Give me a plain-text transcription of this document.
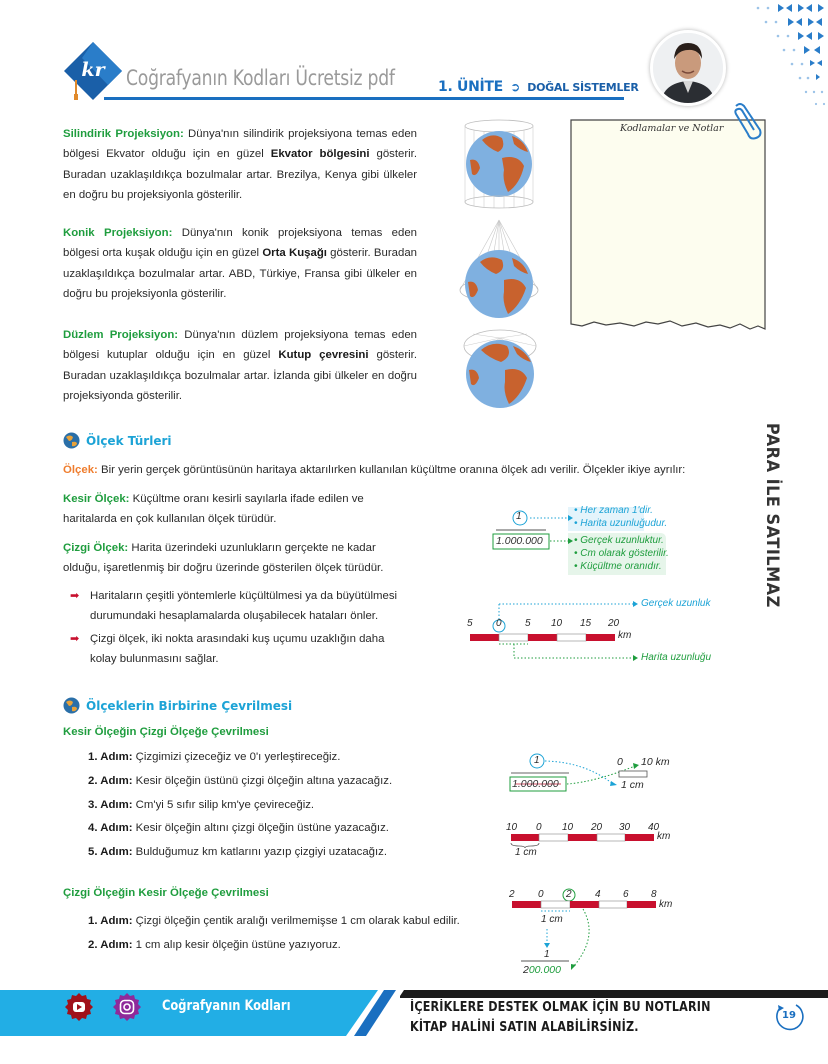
kr Coğrafyanın Kodları Ücretsiz pdf	1. ÜNİTE ➲ DOĞAL SİSTEMLER

Silindirik Projeksiyon: Dünya'nın silindirik projeksiyona temas eden bölgesi Ekvator olduğu için en güzel Ekvator bölgesini gösterir. Buradan uzaklaşıldıkça bozulmalar artar. Brezilya, Kenya gibi ülkeler en doğru bu projeksiyonla gösterilir.

Konik Projeksiyon: Dünya'nın konik projeksiyona temas eden bölgesi orta kuşak olduğu için en güzel Orta Kuşağı gösterir. Buradan uzaklaşıldıkça bozulmalar artar. ABD, Türkiye, Fransa gibi ülkeler en doğru bu projeksiyonla gösterilir.

Düzlem Projeksiyon: Dünya'nın düzlem projeksiyona temas eden bölgesi kutuplar olduğu için en güzel Kutup çevresini gösterir. Buradan uzaklaşıldıkça bozulmalar artar. İzlanda gibi ülkeler en doğru projeksiyonda gösterilir.

Kodlamalar ve Notlar
PARA İLE SATILMAZ
Ölçek Türleri

Ölçek: Bir yerin gerçek görüntüsünün haritaya aktarılırken kullanılan küçültme oranına ölçek adı verilir. Ölçekler ikiye ayrılır:

Kesir Ölçek: Küçültme oranı kesirli sayılarla ifade edilen ve haritalarda en çok kullanılan ölçek türüdür.

Çizgi Ölçek: Harita üzerindeki uzunlukların gerçekte ne kadar olduğu, işaretlenmiş bir doğru üzerinde gösterilen ölçek türüdür.

➡ Haritaların çeşitli yöntemlerle küçültülmesi ya da büyütülmesi durumundaki hesaplamalarda oluşabilecek hataları önler.
➡ Çizgi ölçek, iki nokta arasındaki kuş uçumu uzaklığın daha kolay bulunmasını sağlar.
1
1.000.000
• Her zaman 1'dir.
• Harita uzunluğudur.
• Gerçek uzunluktur.
• Cm olarak gösterilir.
• Küçültme oranıdır.
5 0 5 10 15 20
km
Gerçek uzunluk
Harita uzunluğu
Ölçeklerin Birbirine Çevrilmesi
Kesir Ölçeğin Çizgi Ölçeğe Çevrilmesi
1. Adım: Çizgimizi çizeceğiz ve 0'ı yerleştireceğiz.
2. Adım: Kesir ölçeğin üstünü çizgi ölçeğin altına yazacağız.
3. Adım: Cm'yi 5 sıfır silip km'ye çevireceğiz.
4. Adım: Kesir ölçeğin altını çizgi ölçeğin üstüne yazacağız.
5. Adım: Bulduğumuz km katlarını yazıp çizgiyi uzatacağız.
1
1.000.000
0 10 km
1 cm
10 0 10 20 30 40
km
1 cm
Çizgi Ölçeğin Kesir Ölçeğe Çevrilmesi
1. Adım: Çizgi ölçeğin çentik aralığı verilmemişse 1 cm olarak kabul edilir.
2. Adım: 1 cm alıp kesir ölçeğin üstüne yazıyoruz.
2 0 2 4 6 8
km
1 cm
1
200.000
Coğrafyanın Kodları	İÇERİKLERE DESTEK OLMAK İÇİN BU NOTLARIN KİTAP HALİNİ SATIN ALABİLİRSİNİZ.
19
